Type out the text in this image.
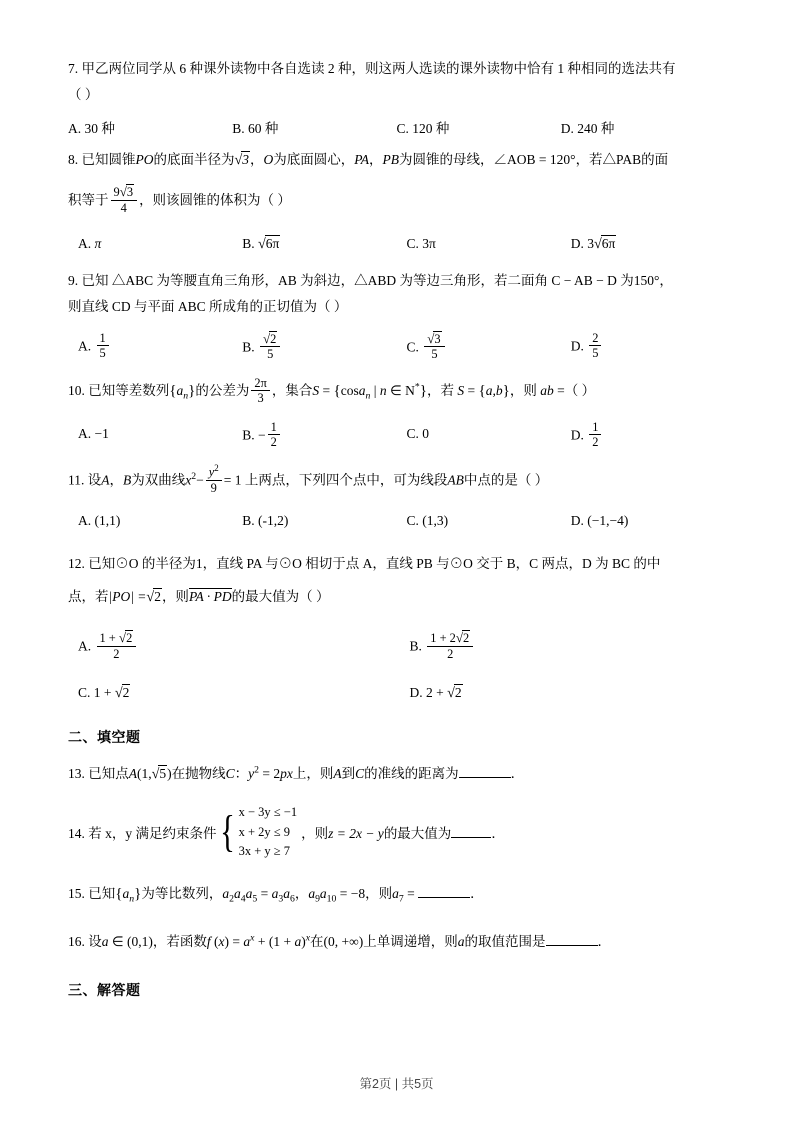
7. 甲乙两位同学从 6 种课外读物中各自选读 2 种，则这两人选读的课外读物中恰有 1 种相同的选法共有
（ ）
A. 30 种	B. 60 种	C. 120 种	D. 240 种
8. 已知圆锥PO的底面半径为√3，O为底面圆心，PA，PB为圆锥的母线，∠AOB = 120°，若△PAB的面
积等于 $\frac{9√3}{4}$ ，则该圆锥的体积为（ ）
A. π	B. √6π	C. 3π	D. 3√6π
9. 已知 △ABC 为等腰直角三角形，AB 为斜边，△ABD 为等边三角形，若二面角 C − AB − D 为150°，
则直线 CD 与平面 ABC 所成角的正切值为（ ）
A. $\frac{1}{5}$	B. $\frac{√2}{5}$	C. $\frac{√3}{5}$	D. $\frac{2}{5}$
10. 已知等差数列$\{a_n\}$的公差为 $\frac{2\pi}{3}$ ，集合S = {cosa$_n$ | n ∈ N*}，若 S = {a,b}，则 ab =（ ）
A. −1	B. − $\frac{1}{2}$	C. 0	D. $\frac{1}{2}$
11. 设A，B为双曲线$x^2- \frac{y^2}{9} = 1$ 上两点，下列四个点中，可为线段AB中点的是（ ）
A. (1,1)	B. (-1,2)	C. (1,3)	D. (−1,−4)
12. 已知⊙O 的半径为1，直线 PA 与⊙O 相切于点 A，直线 PB 与⊙O 交于 B，C 两点，D 为 BC 的中
点，若|PO| =√2，则PA · PD的最大值为（ ）
A. $\frac{1 + √2}{2}$	B. $\frac{1 + 2√2}{2}$
C. 1 + √2	D. 2 + √2
二、填空题
13. 已知点A(1,√5)在抛物线C：$y^2 = 2px$上，则A到C的准线的距离为	．
14. 若 x，y 满足约束条件 { x − 3y ≤ −1
x + 2y ≤ 9
3x + y ≥ 7
，则z = 2x − y的最大值为	．
15. 已知$\{a_n\}$为等比数列，$a_2a_4a_5 = a_3a_6$，$a_9a_{10} = -8$，则$a_7$ =	．
16. 设a ∈ (0,1)，若函数f $(x) = a^x + (1 + a)^x$在(0, +∞)上单调递增，则a的取值范围是	．
三、解答题
第2页 | 共5页
